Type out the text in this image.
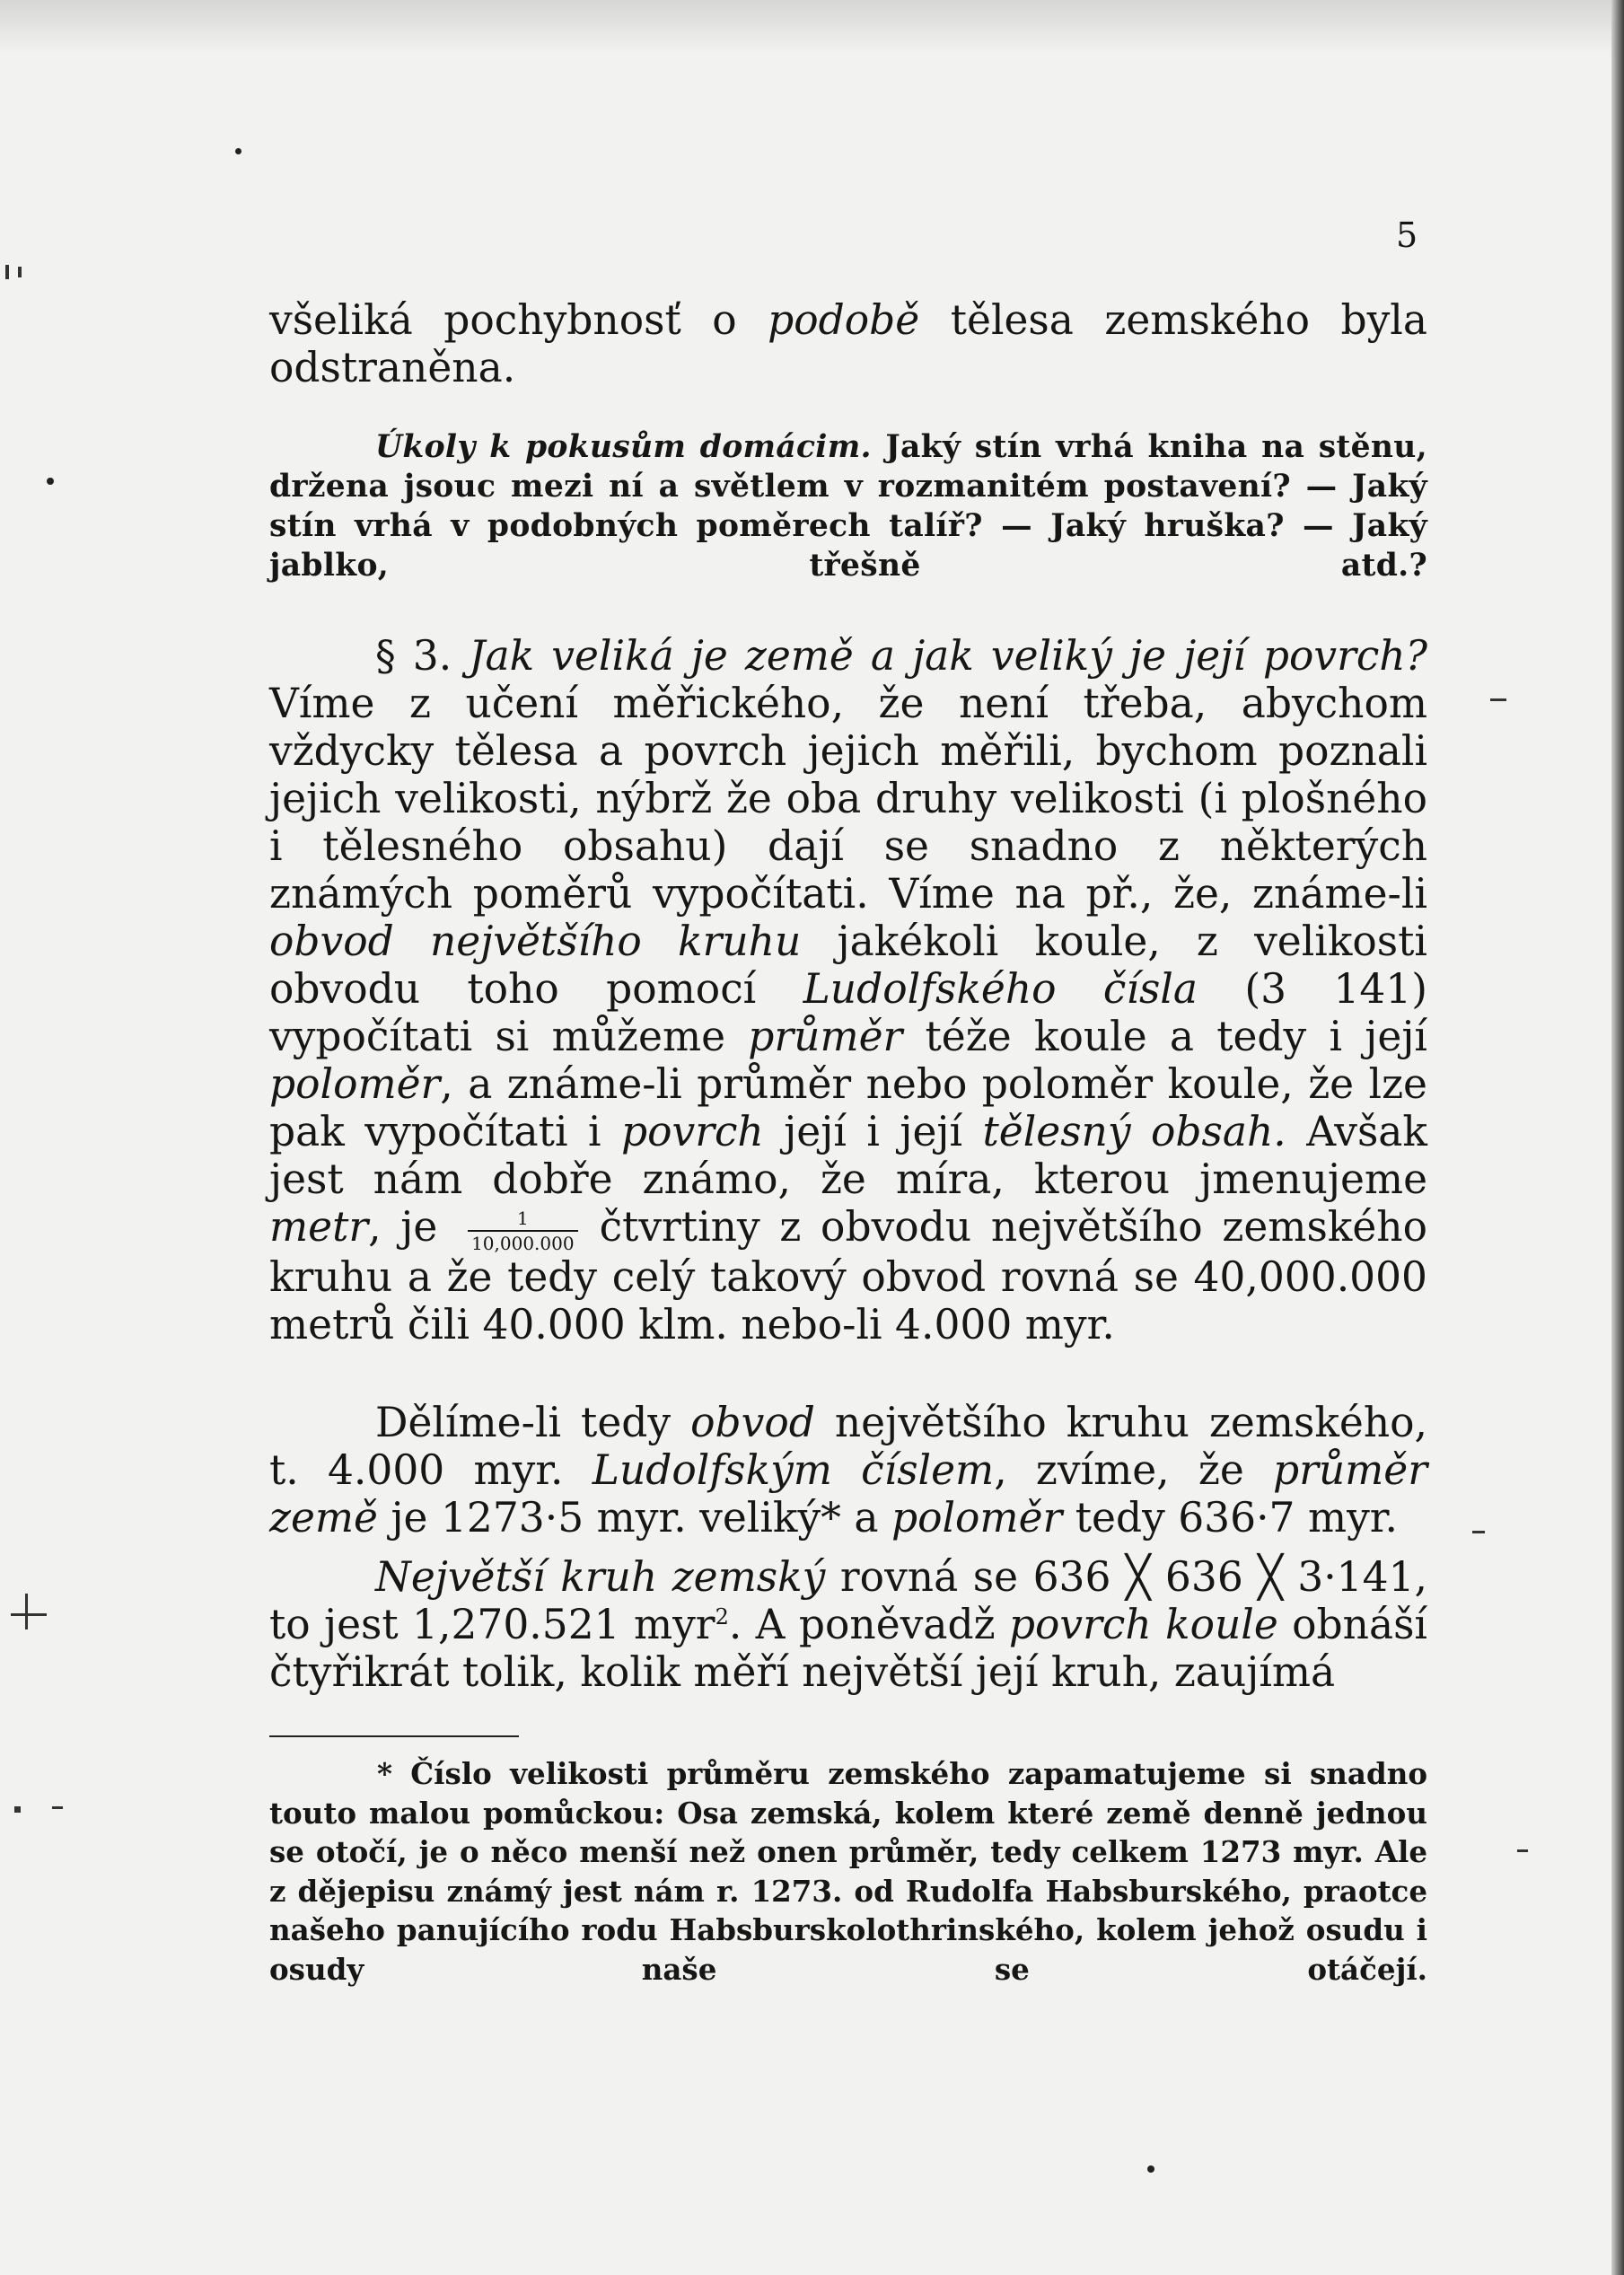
5

všeliká pochybnosť o podobě tělesa zemského byla odstraněna.

Úkoly k pokusům domácim. Jaký stín vrhá kniha na stěnu, držena jsouc mezi ní a světlem v rozmanitém postavení? — Jaký stín vrhá v podobných poměrech talíř? — Jaký hruška? — Jaký jablko, třešně atd.?

§ 3. Jak veliká je země a jak veliký je její povrch? Víme z učení měřického, že není třeba, abychom vždycky tělesa a povrch jejich měřili, bychom poznali jejich velikosti, nýbrž že oba druhy velikosti (i plošného i tělesného obsahu) dají se snadno z některých známých poměrů vypočítati. Víme na př., že, známe-li obvod největšího kruhu jakékoli koule, z velikosti obvodu toho pomocí Ludolfského čísla (3 141) vypočítati si můžeme průměr téže koule a tedy i její poloměr, a známe-li průměr nebo poloměr koule, že lze pak vypočítati i povrch její i její tělesný obsah. Avšak jest nám dobře známo, že míra, kterou jmenujeme metr, je $\frac{1}{10,000.000}$ čtvrtiny z obvodu největšího zemského kruhu a že tedy celý takový obvod rovná se 40,000.000 metrů čili 40.000 klm. nebo-li 4.000 myr.

Dělíme-li tedy obvod největšího kruhu zemského, t. 4.000 myr. Ludolfským číslem, zvíme, že průměr země je 1273·5 myr. veliký* a poloměr tedy 636·7 myr.

Největší kruh zemský rovná se 636 ╳ 636 ╳ 3·141, to jest 1,270.521 myr$^2$. A poněvadž povrch koule obnáší čtyřikrát tolik, kolik měří největší její kruh, zaujímá

* Číslo velikosti průměru zemského zapamatujeme si snadno touto malou pomůckou: Osa zemská, kolem které země denně jednou se otočí, je o něco menší než onen průměr, tedy celkem 1273 myr. Ale z dějepisu známý jest nám r. 1273. od Rudolfa Habsburského, praotce našeho panujícího rodu Habsburskolothrinského, kolem jehož osudu i osudy naše se otáčejí.
